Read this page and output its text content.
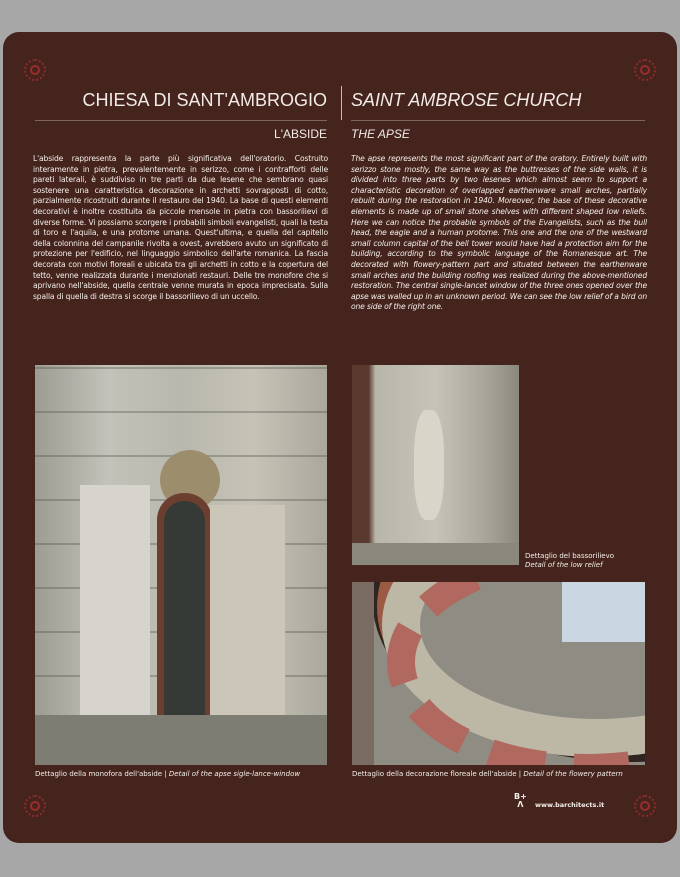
CHIESA DI SANT'AMBROGIO SAINT AMBROSE CHURCH
L'ABSIDE THE APSE
L'abside rappresenta la parte più significativa dell'oratorio. Costruito interamente in pietra, prevalentemente in serizzo, come i contrafforti delle pareti laterali, è suddiviso in tre parti da due lesene che sembrano quasi sostenere una caratteristica decorazione in archetti sovrapposti di cotto, parzialmente ricostruiti durante il restauro del 1940. La base di questi elementi decorativi è inoltre costituita da piccole mensole in pietra con bassorilievi di diverse forme. Vi possiamo scorgere i probabili simboli evangelisti, quali la testa di toro e l'aquila, e una protome umana. Quest'ultima, e quella del capitello della colonnina del campanile rivolta a ovest, avrebbero avuto un significato di protezione per l'edificio, nel linguaggio simbolico dell'arte romanica. La fascia decorata con motivi floreali e ubicata tra gli archetti in cotto e la copertura del tetto, venne realizzata durante i menzionati restauri. Delle tre monofore che si aprivano nell'abside, quella centrale venne murata in epoca imprecisata. Sulla spalla di quella di destra si scorge il bassorilievo di un uccello.
The apse represents the most significant part of the oratory. Entirely built with serizzo stone mostly, the same way as the buttresses of the side walls, it is divided into three parts by two lesenes which almost seem to support a characteristic decoration of overlapped earthenware small arches, partially rebuilt during the restoration in 1940. Moreover, the base of these decorative elements is made up of small stone shelves with different shaped low reliefs. Here we can notice the probable symbols of the Evangelists, such as the bull head, the eagle and a human protome. This one and the one of the westward small column capital of the bell tower would have had a protection aim for the building, according to the symbolic language of the Romanesque art. The decorated with flowery-pattern part and situated between the earthenware small arches and the building roofing was realized during the above-mentioned restoration. The central single-lancet window of the three ones opened over the apse was walled up in an unknown period. We can see the low relief of a bird on one side of the right one.
Dettaglio della monofora dell'abside | Detail of the apse sigle-lance-window
Dettaglio del bassorilievo
Detail of the low relief
Dettaglio della decorazione floreale dell'abside | Detail of the flowery pattern
B+
Λ	www.barchitects.it
